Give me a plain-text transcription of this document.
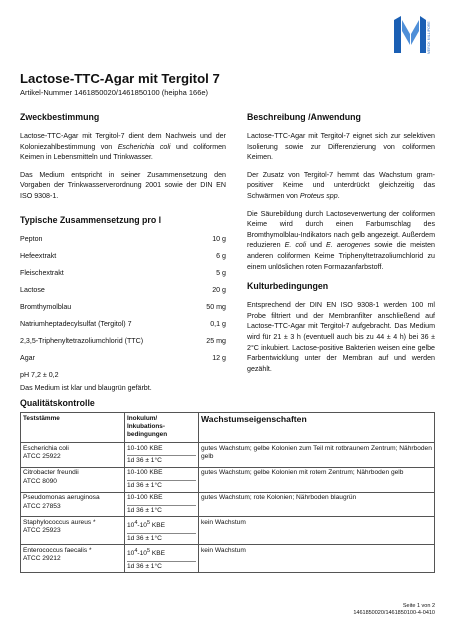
MERCK MILLIPORE
Lactose-TTC-Agar mit Tergitol 7
Artikel-Nummer 1461850020/1461850100 (heipha 166e)
Zweckbestimmung

Lactose-TTC-Agar mit Tergitol-7 dient dem Nachweis und der Koloniezahlbestimmung von Escherichia coli und coliformen Keimen in Lebensmitteln und Trinkwasser.

Das Medium entspricht in seiner Zusammensetzung den Vorgaben der Trinkwasserverordnung 2001 sowie der DIN EN ISO 9308-1.

Typische Zusammensetzung pro l
Pepton	10 g
Hefeextrakt	6 g
Fleischextrakt	5 g
Lactose	20 g
Bromthymolblau	50 mg
Natriumheptadecylsulfat (Tergitol) 7	0,1 g
2,3,5-Triphenyltetrazoliumchlorid (TTC)	25 mg
Agar	12 g
pH 7,2 ± 0,2

Das Medium ist klar und blaugrün gefärbt.

Beschreibung /Anwendung

Lactose-TTC-Agar mit Tergitol-7 eignet sich zur selektiven Isolierung sowie zur Differenzierung von coliformen Keimen.

Der Zusatz von Tergitol-7 hemmt das Wachstum gram-positiver Keime und unterdrückt gleichzeitig das Schwärmen von Proteus spp.

Die Säurebildung durch Lactoseverwertung der coliformen Keime wird durch einen Farbumschlag des Bromthymolblau-Indikators nach gelb angezeigt. Außerdem reduzieren E. coli und E. aerogenes sowie die meisten anderen coliformen Keime Triphenyltetrazoliumchlorid zu einem unlöslichen roten Formazanfarbstoff.

Kulturbedingungen

Entsprechend der DIN EN ISO 9308-1 werden 100 ml Probe filtriert und der Membranfilter anschließend auf Lactose-TTC-Agar mit Tergitol-7 aufgebracht. Das Medium wird für 21 ± 3 h (eventuell auch bis zu 44 ± 4 h) bei 36 ± 2°C inkubiert. Lactose-positive Bakterien weisen eine gelbe Farbentwicklung unter der Membran auf und werden gezählt.

Qualitätskontrolle
Teststämme	Inokulum/ Inkubations-bedingungen	Wachstumseigenschaften
Escherichia coli
ATCC 25922	10-100 KBE
1d 36 ± 1°C	gutes Wachstum; gelbe Kolonien zum Teil mit rotbraunem Zentrum; Nährboden gelb
Citrobacter freundii
ATCC 8090	10-100 KBE
1d 36 ± 1°C	gutes Wachstum; gelbe Kolonien mit rotem Zentrum; Nährboden gelb
Pseudomonas aeruginosa
ATCC 27853	10-100 KBE
1d 36 ± 1°C	gutes Wachstum; rote Kolonien; Nährboden blaugrün
Staphylococcus aureus *
ATCC 25923	$10^4-10^5$ KBE
1d 36 ± 1°C	kein Wachstum
Enterococcus faecalis *
ATCC 29212	$10^4-10^5$ KBE
1d 36 ± 1°C	kein Wachstum
Seite 1 von 2
1461850020/1461850100-4-0410
